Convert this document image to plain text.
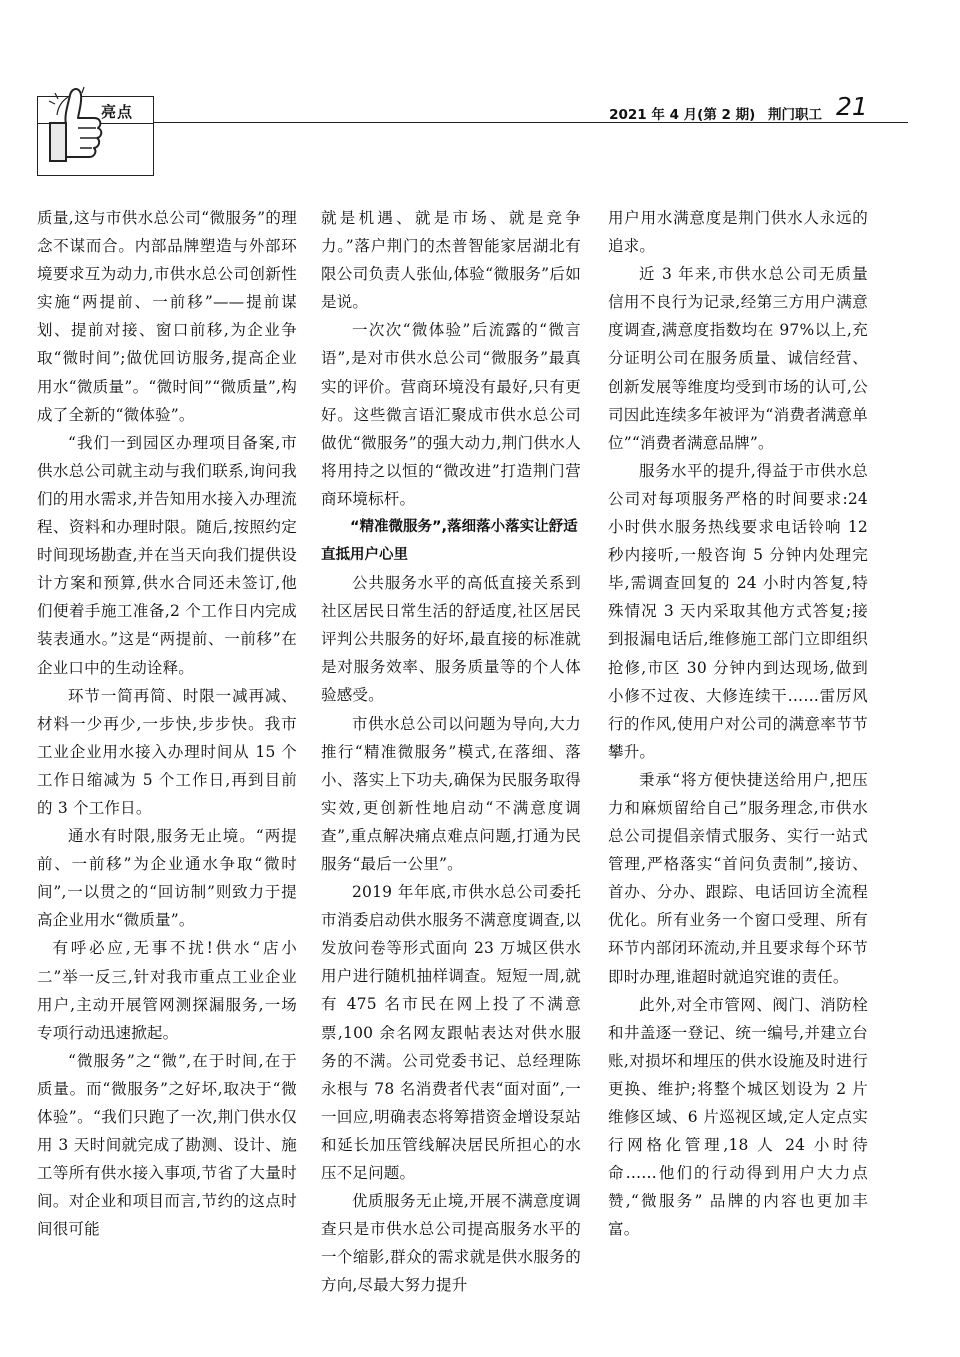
亮点	2021 年 4 月(第 2 期) 荆门职工 21

质量,这与市供水总公司“微服务”的理念不谋而合。内部品牌塑造与外部环境要求互为动力,市供水总公司创新性实施“两提前、一前移”——提前谋划、提前对接、窗口前移,为企业争取“微时间”;做优回访服务,提高企业用水“微质量”。“微时间”“微质量”,构成了全新的“微体验”。

“我们一到园区办理项目备案,市供水总公司就主动与我们联系,询问我们的用水需求,并告知用水接入办理流程、资料和办理时限。随后,按照约定时间现场勘查,并在当天向我们提供设计方案和预算,供水合同还未签订,他们便着手施工准备,2 个工作日内完成装表通水。”这是“两提前、一前移”在企业口中的生动诠释。

环节一简再简、时限一减再减、材料一少再少,一步快,步步快。我市工业企业用水接入办理时间从 15 个工作日缩减为 5 个工作日,再到目前的 3 个工作日。

通水有时限,服务无止境。“两提前、一前移”为企业通水争取“微时间”,一以贯之的“回访制”则致力于提高企业用水“微质量”。

有呼必应,无事不扰!供水“店小二”举一反三,针对我市重点工业企业用户,主动开展管网测探漏服务,一场专项行动迅速掀起。

“微服务”之“微”,在于时间,在于质量。而“微服务”之好坏,取决于“微体验”。“我们只跑了一次,荆门供水仅用 3 天时间就完成了勘测、设计、施工等所有供水接入事项,节省了大量时间。对企业和项目而言,节约的这点时间很可能

就是机遇、就是市场、就是竞争力。”落户荆门的杰普智能家居湖北有限公司负责人张仙,体验“微服务”后如是说。

一次次“微体验”后流露的“微言语”,是对市供水总公司“微服务”最真实的评价。营商环境没有最好,只有更好。这些微言语汇聚成市供水总公司做优“微服务”的强大动力,荆门供水人将用持之以恒的“微改进”打造荆门营商环境标杆。

“精准微服务”,落细落小落实让舒适直抵用户心里

公共服务水平的高低直接关系到社区居民日常生活的舒适度,社区居民评判公共服务的好坏,最直接的标准就是对服务效率、服务质量等的个人体验感受。

市供水总公司以问题为导向,大力推行“精准微服务”模式,在落细、落小、落实上下功夫,确保为民服务取得实效,更创新性地启动“不满意度调查”,重点解决痛点难点问题,打通为民服务“最后一公里”。

2019 年年底,市供水总公司委托市消委启动供水服务不满意度调查,以发放问卷等形式面向 23 万城区供水用户进行随机抽样调查。短短一周,就有 475 名市民在网上投了不满意票,100 余名网友跟帖表达对供水服务的不满。公司党委书记、总经理陈永根与 78 名消费者代表“面对面”,一一回应,明确表态将筹措资金增设泵站和延长加压管线解决居民所担心的水压不足问题。

优质服务无止境,开展不满意度调查只是市供水总公司提高服务水平的一个缩影,群众的需求就是供水服务的方向,尽最大努力提升

用户用水满意度是荆门供水人永远的追求。

近 3 年来,市供水总公司无质量信用不良行为记录,经第三方用户满意度调查,满意度指数均在 97%以上,充分证明公司在服务质量、诚信经营、创新发展等维度均受到市场的认可,公司因此连续多年被评为“消费者满意单位”“消费者满意品牌”。

服务水平的提升,得益于市供水总公司对每项服务严格的时间要求:24 小时供水服务热线要求电话铃响 12 秒内接听,一般咨询 5 分钟内处理完毕,需调查回复的 24 小时内答复,特殊情况 3 天内采取其他方式答复;接到报漏电话后,维修施工部门立即组织抢修,市区 30 分钟内到达现场,做到小修不过夜、大修连续干……雷厉风行的作风,使用户对公司的满意率节节攀升。

秉承“将方便快捷送给用户,把压力和麻烦留给自己”服务理念,市供水总公司提倡亲情式服务、实行一站式管理,严格落实“首问负责制”,接访、首办、分办、跟踪、电话回访全流程优化。所有业务一个窗口受理、所有环节内部闭环流动,并且要求每个环节即时办理,谁超时就追究谁的责任。

此外,对全市管网、阀门、消防栓和井盖逐一登记、统一编号,并建立台账,对损坏和埋压的供水设施及时进行更换、维护;将整个城区划设为 2 片维修区域、6 片巡视区域,定人定点实行网格化管理,18 人 24 小时待命……他们的行动得到用户大力点赞,“微服务” 品牌的内容也更加丰富。
